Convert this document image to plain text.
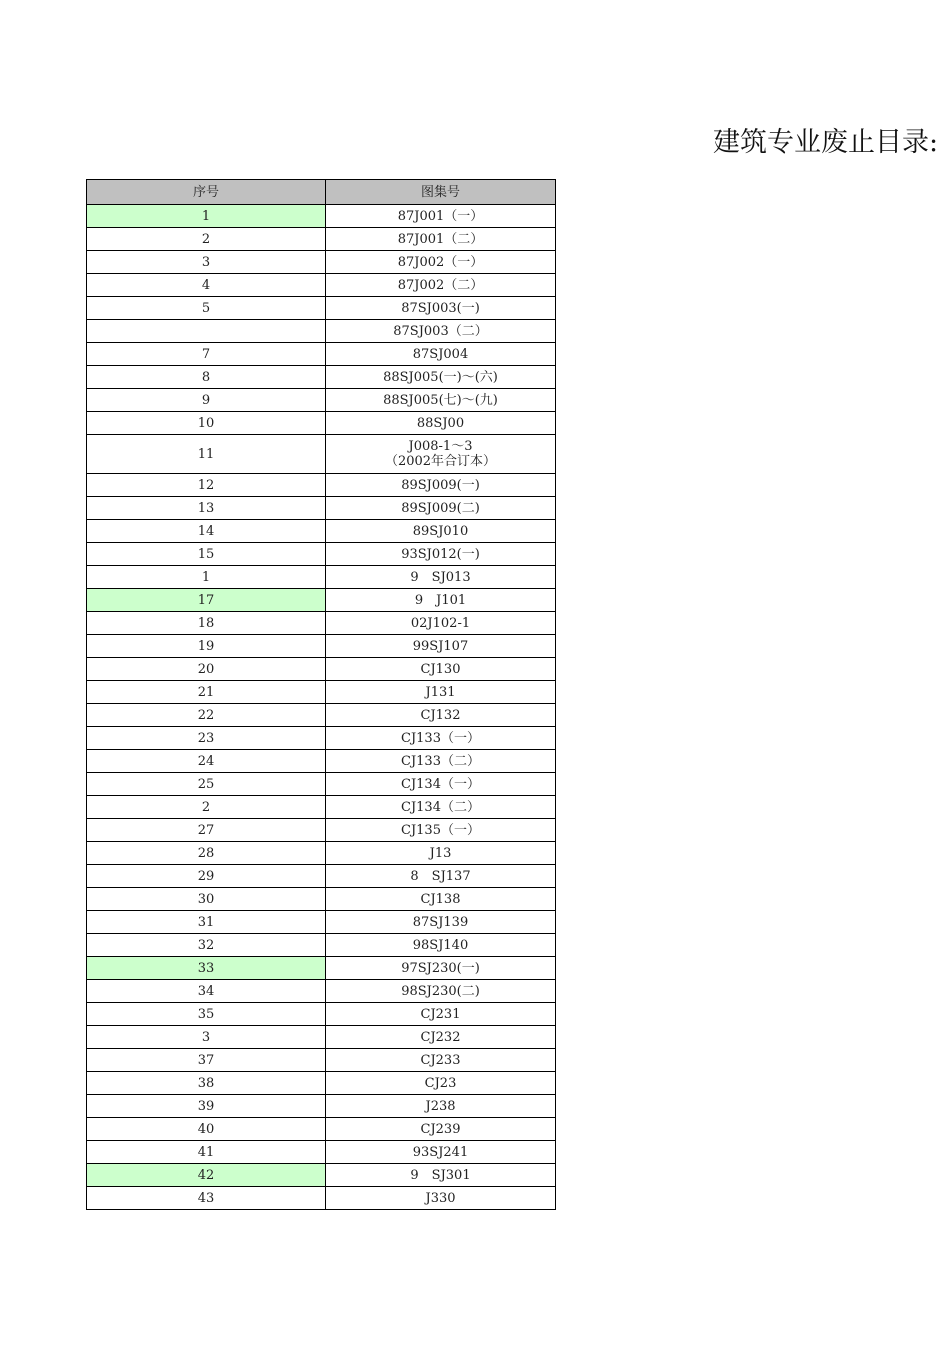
建筑专业废止目录:
序号	图集号
1	87J001（一）
2	87J001（二）
3	87J002（一）
4	87J002（二）
5	87SJ003(一)
	87SJ003（二）
7	87SJ004
8	88SJ005(一)～(六)
9	88SJ005(七)～(九)
10	88SJ00
11	J008-1～3
（2002年合订本）

12	89SJ009(一)
13	89SJ009(二)
14	89SJ010
15	93SJ012(一)
1	9　SJ013
17	9　J101
18	02J102-1
19	99SJ107
20	CJ130
21	J131
22	CJ132
23	CJ133（一）
24	CJ133（二）
25	CJ134（一）
2	CJ134（二）
27	CJ135（一）
28	J13
29	8　SJ137
30	CJ138
31	87SJ139
32	98SJ140
33	97SJ230(一)
34	98SJ230(二)
35	CJ231
3	CJ232
37	CJ233
38	CJ23
39	J238
40	CJ239
41	93SJ241
42	9　SJ301
43	J330
